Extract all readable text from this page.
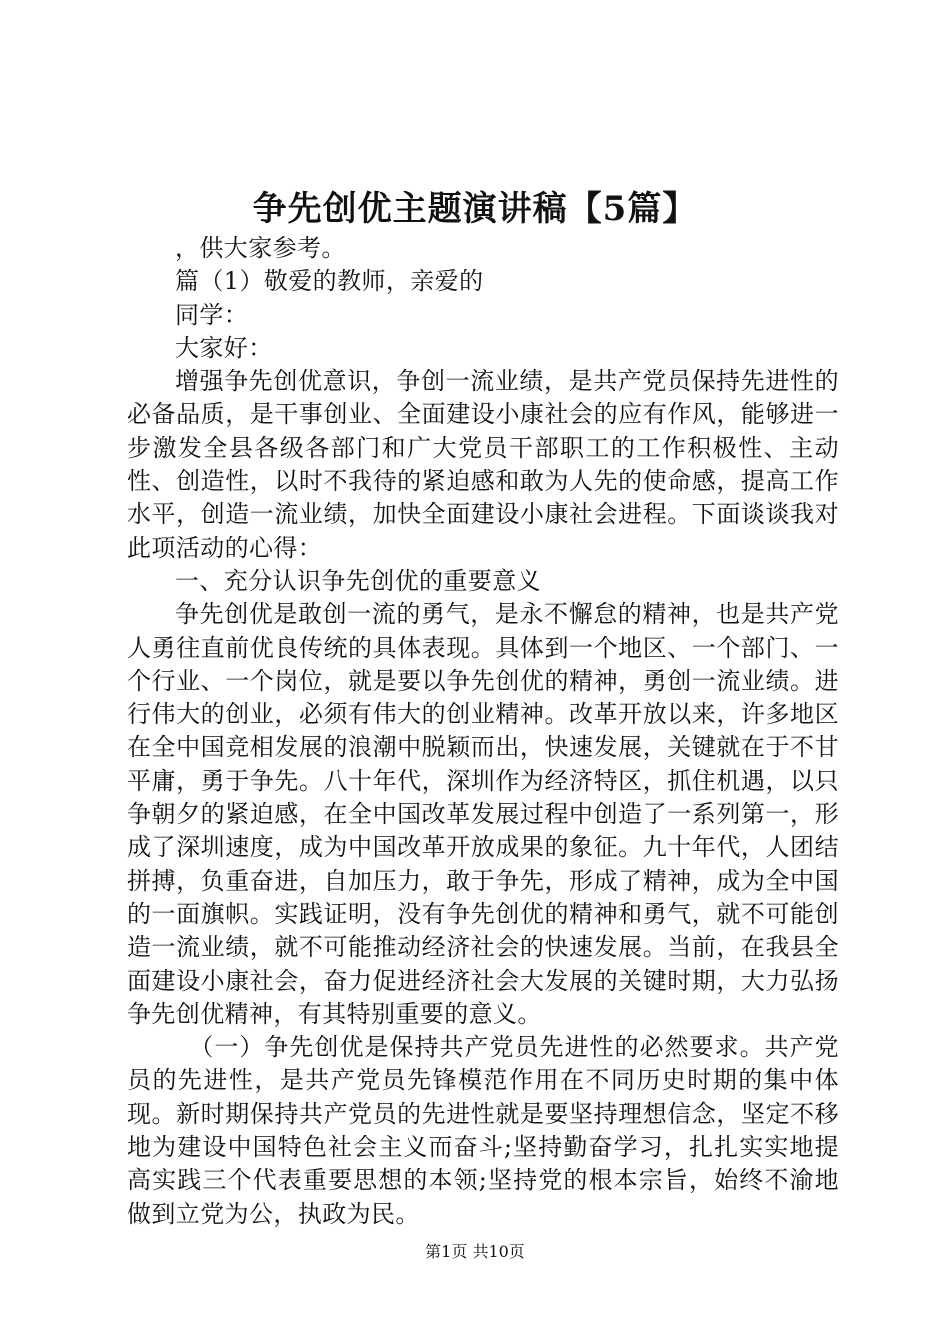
争先创优主题演讲稿【5篇】

，供大家参考。

篇（1）敬爱的教师，亲爱的

同学：

大家好：

增强争先创优意识，争创一流业绩，是共产党员保持先进性的必备品质，是干事创业、全面建设小康社会的应有作风，能够进一步激发全县各级各部门和广大党员干部职工的工作积极性、主动性、创造性，以时不我待的紧迫感和敢为人先的使命感，提高工作水平，创造一流业绩，加快全面建设小康社会进程。下面谈谈我对此项活动的心得：

一、充分认识争先创优的重要意义

争先创优是敢创一流的勇气，是永不懈怠的精神，也是共产党人勇往直前优良传统的具体表现。具体到一个地区、一个部门、一个行业、一个岗位，就是要以争先创优的精神，勇创一流业绩。进行伟大的创业，必须有伟大的创业精神。改革开放以来，许多地区在全中国竞相发展的浪潮中脱颖而出，快速发展，关键就在于不甘平庸，勇于争先。八十年代，深圳作为经济特区，抓住机遇，以只争朝夕的紧迫感，在全中国改革发展过程中创造了一系列第一，形成了深圳速度，成为中国改革开放成果的象征。九十年代，人团结拼搏，负重奋进，自加压力，敢于争先，形成了精神，成为全中国的一面旗帜。实践证明，没有争先创优的精神和勇气，就不可能创造一流业绩，就不可能推动经济社会的快速发展。当前，在我县全面建设小康社会，奋力促进经济社会大发展的关键时期，大力弘扬争先创优精神，有其特别重要的意义。

（一）争先创优是保持共产党员先进性的必然要求。共产党员的先进性，是共产党员先锋模范作用在不同历史时期的集中体现。新时期保持共产党员的先进性就是要坚持理想信念，坚定不移地为建设中国特色社会主义而奋斗;坚持勤奋学习，扎扎实实地提高实践三个代表重要思想的本领;坚持党的根本宗旨，始终不渝地做到立党为公，执政为民。

第1页 共10页
